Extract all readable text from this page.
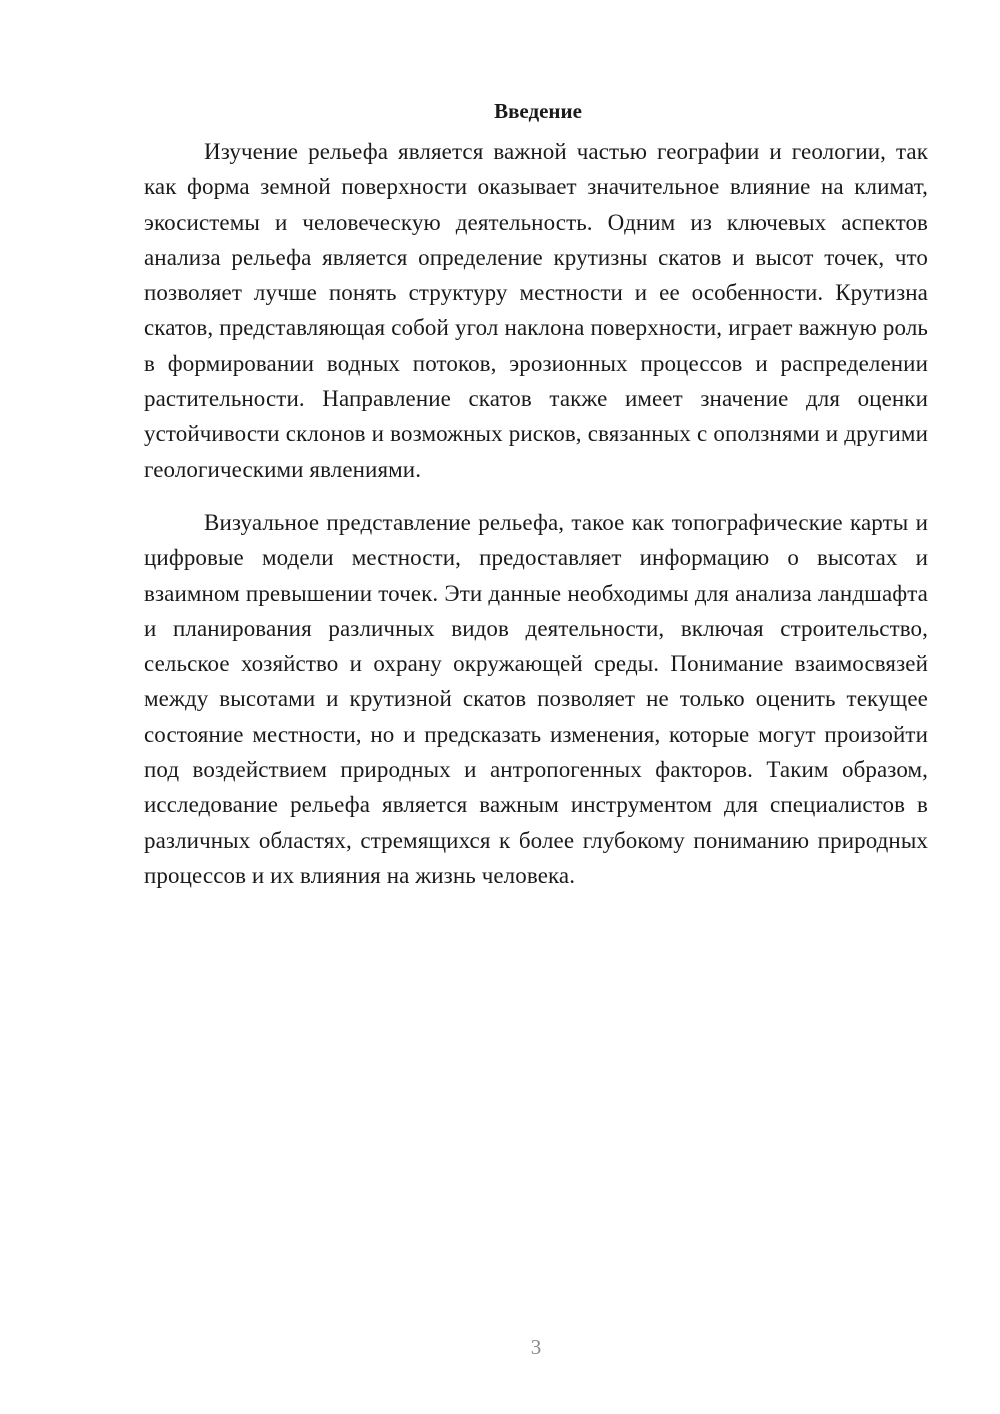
Введение

Изучение рельефа является важной частью географии и геологии, так как форма земной поверхности оказывает значительное влияние на климат, экосистемы и человеческую деятельность. Одним из ключевых аспектов анализа рельефа является определение крутизны скатов и высот точек, что позволяет лучше понять структуру местности и ее особенности. Крутизна скатов, представляющая собой угол наклона поверхности, играет важную роль в формировании водных потоков, эрозионных процессов и распределении растительности. Направление скатов также имеет значение для оценки устойчивости склонов и возможных рисков, связанных с оползнями и другими геологическими явлениями.

Визуальное представление рельефа, такое как топографические карты и цифровые модели местности, предоставляет информацию о высотах и взаимном превышении точек. Эти данные необходимы для анализа ландшафта и планирования различных видов деятельности, включая строительство, сельское хозяйство и охрану окружающей среды. Понимание взаимосвязей между высотами и крутизной скатов позволяет не только оценить текущее состояние местности, но и предсказать изменения, которые могут произойти под воздействием природных и антропогенных факторов. Таким образом, исследование рельефа является важным инструментом для специалистов в различных областях, стремящихся к более глубокому пониманию природных процессов и их влияния на жизнь человека.

3
